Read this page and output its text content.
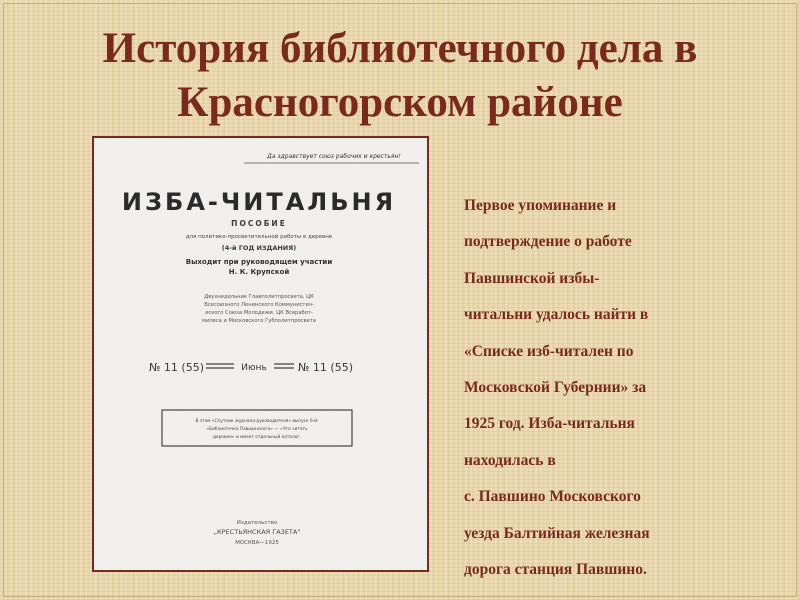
История библиотечного дела в
Красногорском районе
Да здравствует союз рабочих и крестьян!
ИЗБА-ЧИТАЛЬНЯ
ПОСОБИЕ
для политико-просветительной работы в деревне
(4-й ГОД ИЗДАНИЯ)
Выходит при руководящем участии
Н. К. Крупской
Двухнедельник Главполитпросвета, ЦК
Всесоюзного Ленинского Коммунистич-
еского Союза Молодежи, ЦК Всеработ-
милеса и Московского Губполитпросвета
№ 11 (55)	Июнь	№ 11 (55)
В этом «Спутник журнала-руководителя» выпуск 6-й:
«Библиотечка Павшинского» — «Что читать
деревне» и имеет отдельный каталог.
Издательство
„КРЕСТЬЯНСКАЯ ГАЗЕТА"
МОСКВА—1925

Первое упоминание и
подтверждение о работе
Павшинской избы-
читальни удалось найти в
«Списке изб-читален по
Московской Губернии» за
1925 год. Изба-читальня
находилась в
с. Павшино Московского
уезда Балтийная железная
дорога станция Павшино.
